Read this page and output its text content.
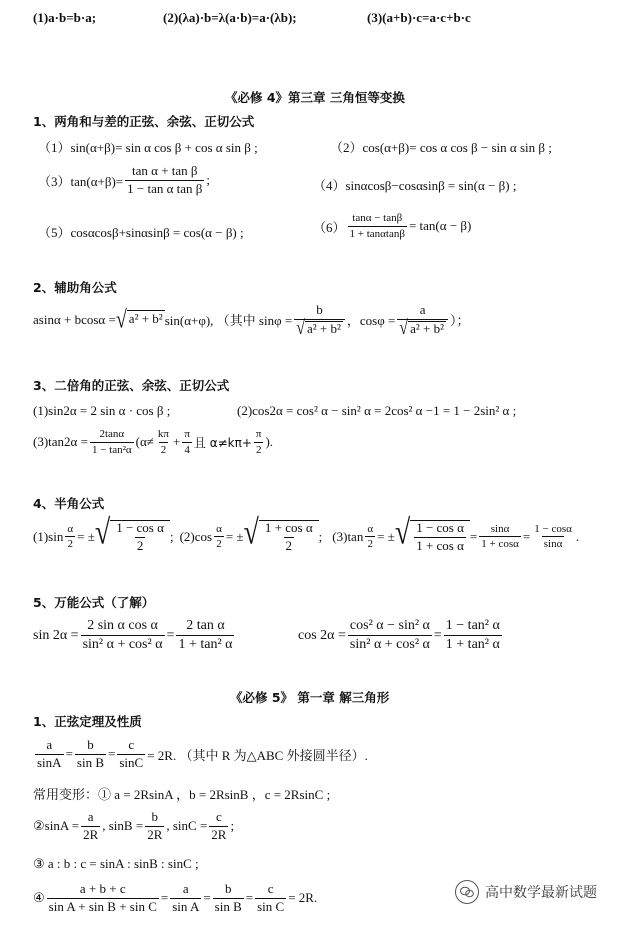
(1)a·b=b·a;	(2)(λa)·b=λ(a·b)=a·(λb);	(3)(a+b)·c=a·c+b·c
《必修 4》第三章 三角恒等变换
1、两角和与差的正弦、余弦、正切公式
（1）sin(α+β)= sin α cos β + cos α sin β ;	（2）cos(α+β)= cos α cos β − sin α sin β ;
$(3)\tan(\alpha+\beta)= \frac{\text{tan α + tan β}}{\text{1 − tan α tan β}}$ ;	（4）sinαcosβ−cosαsinβ = sin(α − β) ;
（5）cosαcosβ+sinαsinβ = cos(α − β) ;	$(6) \frac{\tan\alpha - \tan\beta}{1 + \tan\alpha\tan\beta} = \tan(\alpha - \beta)$
2、辅助角公式
asinα + bcosα = √ a² + b² sin(α+φ), （其中 $\sin\varphi = \frac{b}{\text{√ a² + b²}}$ ，$\cos\varphi = \frac{a}{\text{√ a² + b²}}$ ）；
3、二倍角的正弦、余弦、正切公式
(1)sin2α = 2 sin α · cos β ;	(2)cos2α = cos² α − sin² α = 2cos² α −1 = 1 − 2sin² α ;
$(3)\tan 2\alpha = \frac{2\tan\alpha}{\text{1 − tan²α}} (\alpha\ne \frac{k\pi}{2} + \frac{\pi}{4}$ 且 $\alpha\ne k\pi+ \frac{\pi}{2}$ ).
4、半角公式
$(1)\sin \frac{\alpha}{2}$ = ± √ $\frac{\text{1 − cos α}}{2}$ ; $(2)\cos \frac{\alpha}{2}$ = ± √ $\frac{\text{1 + cos α}}{2}$ ; $(3)\tan \frac{\alpha}{2}$ = ± √ $\frac{\text{1 − cos α}}{\text{1 + cos α}} = \frac{\sin\alpha}{1 + \cos\alpha} = \frac{1 - \cos\alpha}{\sin\alpha}$ .
5、万能公式（了解）
$\sin 2\alpha = \frac{\text{2 sin α cos α}}{\text{sin² α + cos² α}} = \frac{\text{2 tan α}}{\text{1 + tan² α}}$	$\cos 2\alpha = \frac{\text{cos² α − sin² α}}{\text{sin² α + cos² α}} = \frac{\text{1 − tan² α}}{\text{1 + tan² α}}$
《必修 5》 第一章 解三角形
1、正弦定理及性质
$\frac{a}{\sin A} = \frac{b}{\text{sin B}} = \frac{c}{\sin C} = 2R$. （其中 R 为△ABC 外接圆半径）.
常用变形：① a = 2RsinA ，b = 2RsinB ，c = 2RsinC ;
②sinA = $\frac{a}{2R}$ , $\sin B = \frac{b}{2R}$ , $\sin C = \frac{c}{2R}$ ;
③ a : b : c = sinA : sinB : sinC ;
④ $\frac{a + b + c}{\text{sin A + sin B + sin C}} = \frac{a}{\text{sin A}} = \frac{b}{\text{sin B}} = \frac{c}{\text{sin C}} = 2R$.	高中数学最新试题
